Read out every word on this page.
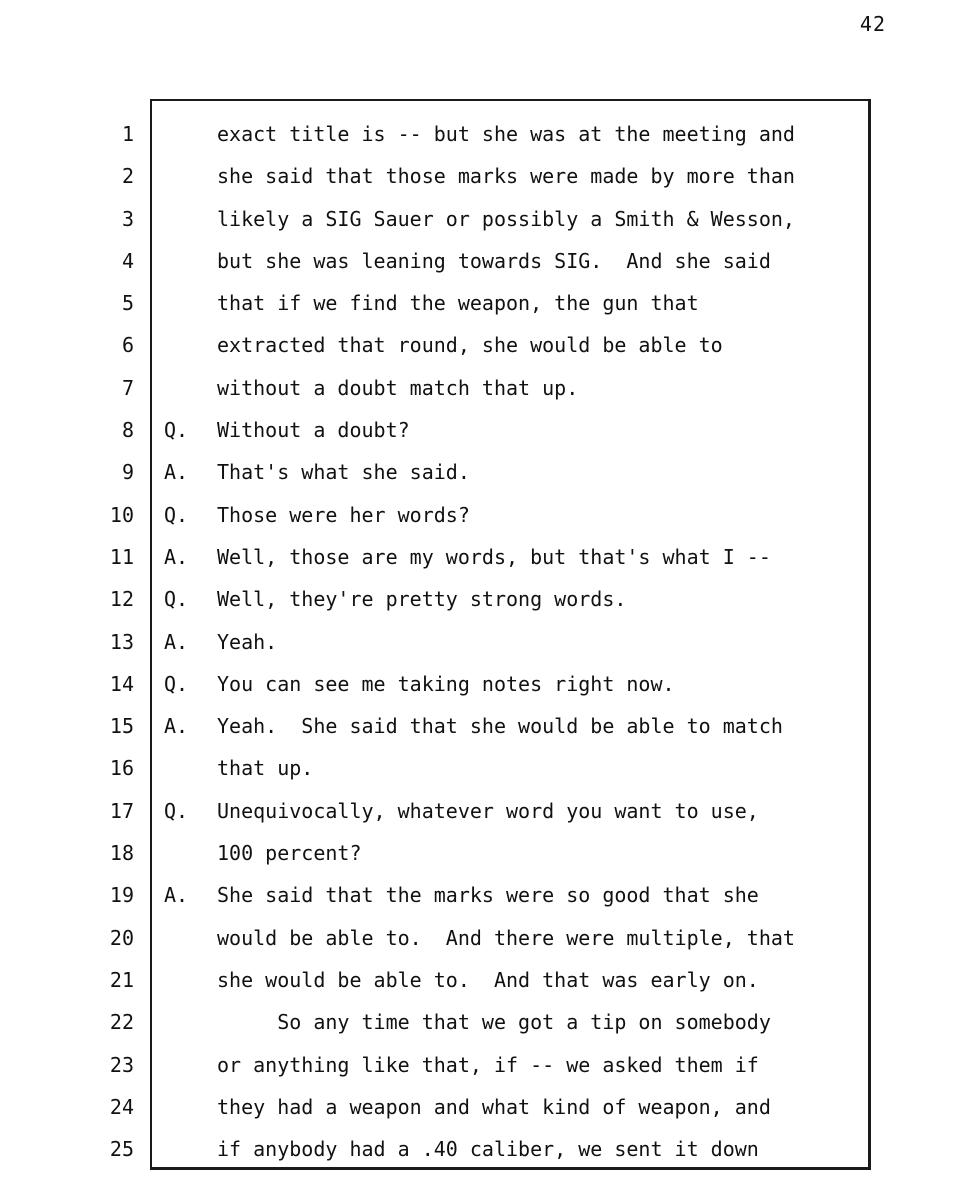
42
1
2
3
4
5
6
7
8
9
10
11
12
13
14
15
16
17
18
19
20
21
22
23
24
25
exact title is -- but she was at the meeting and
she said that those marks were made by more than
likely a SIG Sauer or possibly a Smith & Wesson,
but she was leaning towards SIG.  And she said
that if we find the weapon, the gun that
extracted that round, she would be able to
without a doubt match that up.
Q.	Without a doubt?
A.	That's what she said.
Q.	Those were her words?
A.	Well, those are my words, but that's what I --
Q.	Well, they're pretty strong words.
A.	Yeah.
Q.	You can see me taking notes right now.
A.	Yeah.  She said that she would be able to match
that up.
Q.	Unequivocally, whatever word you want to use,
100 percent?
A.	She said that the marks were so good that she
would be able to.  And there were multiple, that
she would be able to.  And that was early on.
So any time that we got a tip on somebody
or anything like that, if -- we asked them if
they had a weapon and what kind of weapon, and
if anybody had a .40 caliber, we sent it down
